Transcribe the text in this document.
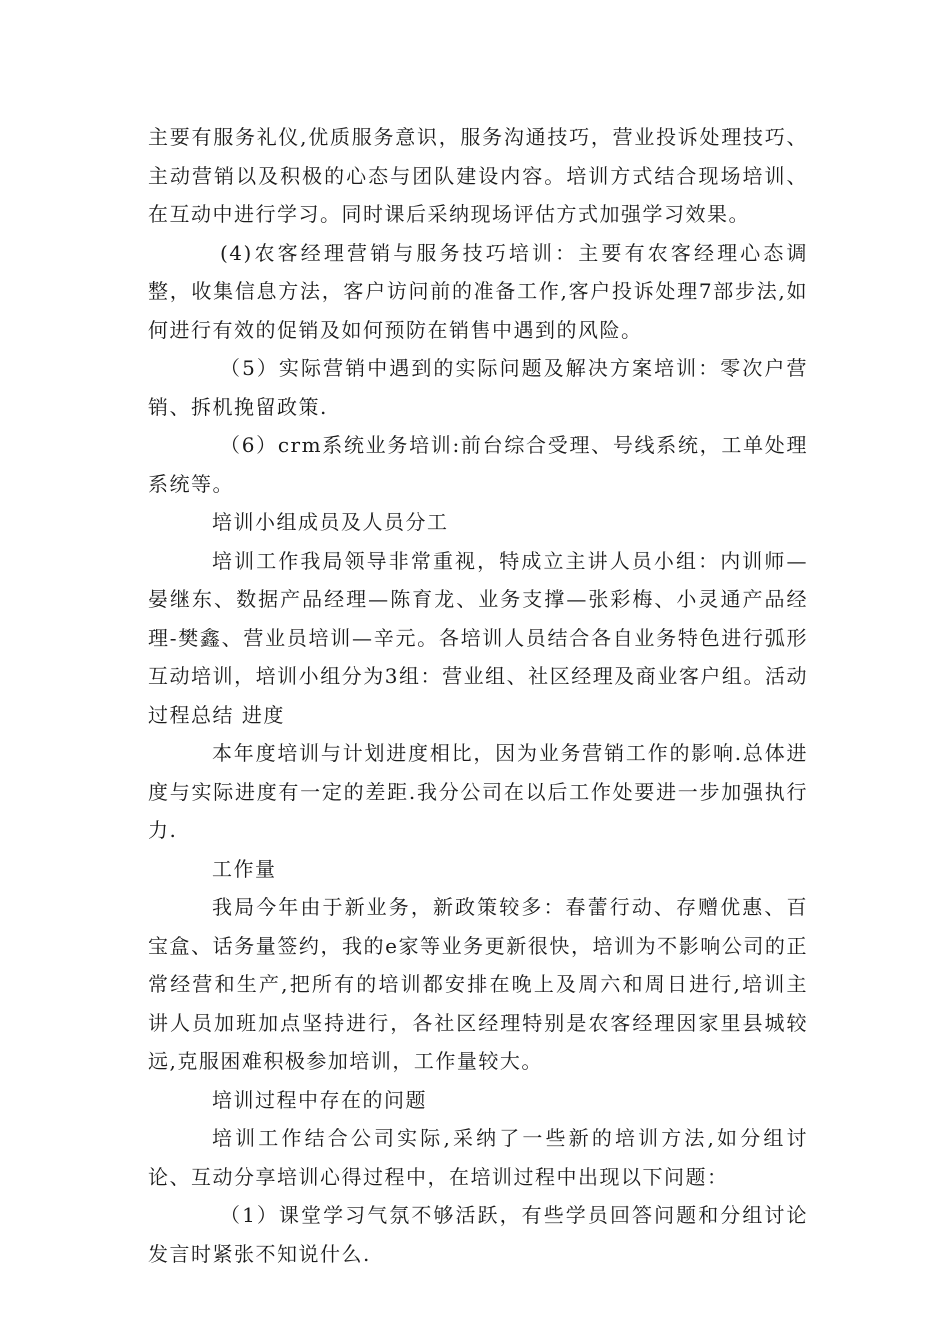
主要有服务礼仪,优质服务意识，服务沟通技巧，营业投诉处理技巧、主动营销以及积极的心态与团队建设内容。培训方式结合现场培训、在互动中进行学习。同时课后采纳现场评估方式加强学习效果。

(4)农客经理营销与服务技巧培训：主要有农客经理心态调整，收集信息方法，客户访问前的准备工作,客户投诉处理7部步法,如何进行有效的促销及如何预防在销售中遇到的风险。

（5）实际营销中遇到的实际问题及解决方案培训：零次户营销、拆机挽留政策.

（6）crm系统业务培训:前台综合受理、号线系统，工单处理系统等。

培训小组成员及人员分工

培训工作我局领导非常重视，特成立主讲人员小组：内训师—晏继东、数据产品经理—陈育龙、业务支撑—张彩梅、小灵通产品经理-樊鑫、营业员培训—辛元。各培训人员结合各自业务特色进行弧形互动培训，培训小组分为3组：营业组、社区经理及商业客户组。活动过程总结 进度

本年度培训与计划进度相比，因为业务营销工作的影响.总体进度与实际进度有一定的差距.我分公司在以后工作处要进一步加强执行力.

工作量

我局今年由于新业务，新政策较多：春蕾行动、存赠优惠、百宝盒、话务量签约，我的e家等业务更新很快，培训为不影响公司的正常经营和生产,把所有的培训都安排在晚上及周六和周日进行,培训主讲人员加班加点坚持进行，各社区经理特别是农客经理因家里县城较远,克服困难积极参加培训，工作量较大。

培训过程中存在的问题

培训工作结合公司实际,采纳了一些新的培训方法,如分组讨论、互动分享培训心得过程中，在培训过程中出现以下问题：

（1）课堂学习气氛不够活跃，有些学员回答问题和分组讨论发言时紧张不知说什么.
